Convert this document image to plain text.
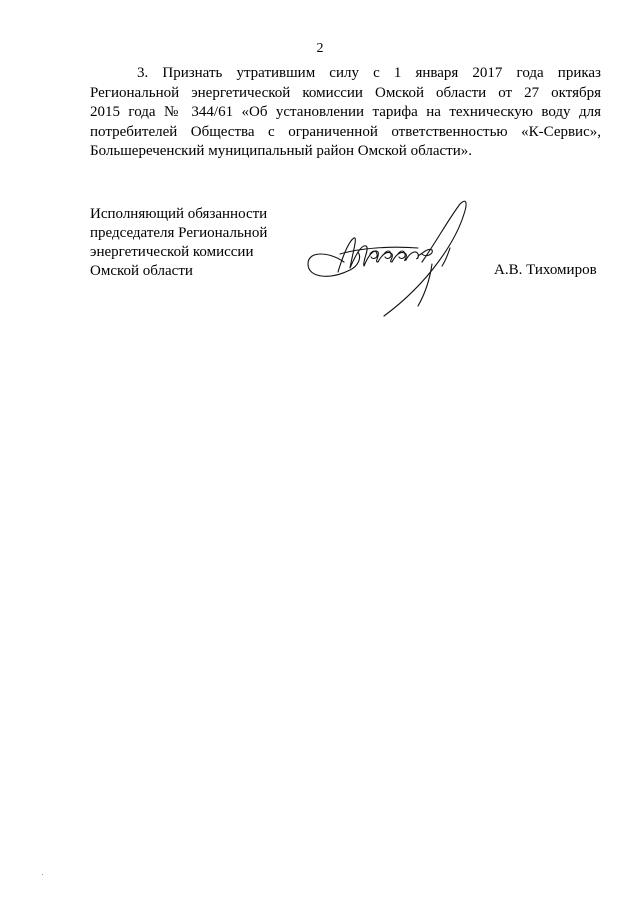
2
3. Признать утратившим силу с 1 января 2017 года приказ
Региональной энергетической комиссии Омской области от 27 октября
2015 года № 344/61 «Об установлении тарифа на техническую воду для
потребителей Общества с ограниченной ответственностью «К-Сервис»,
Большереченский муниципальный район Омской области».
Исполняющий обязанности
председателя Региональной
энергетической комиссии
Омской области	А.В. Тихомиров
